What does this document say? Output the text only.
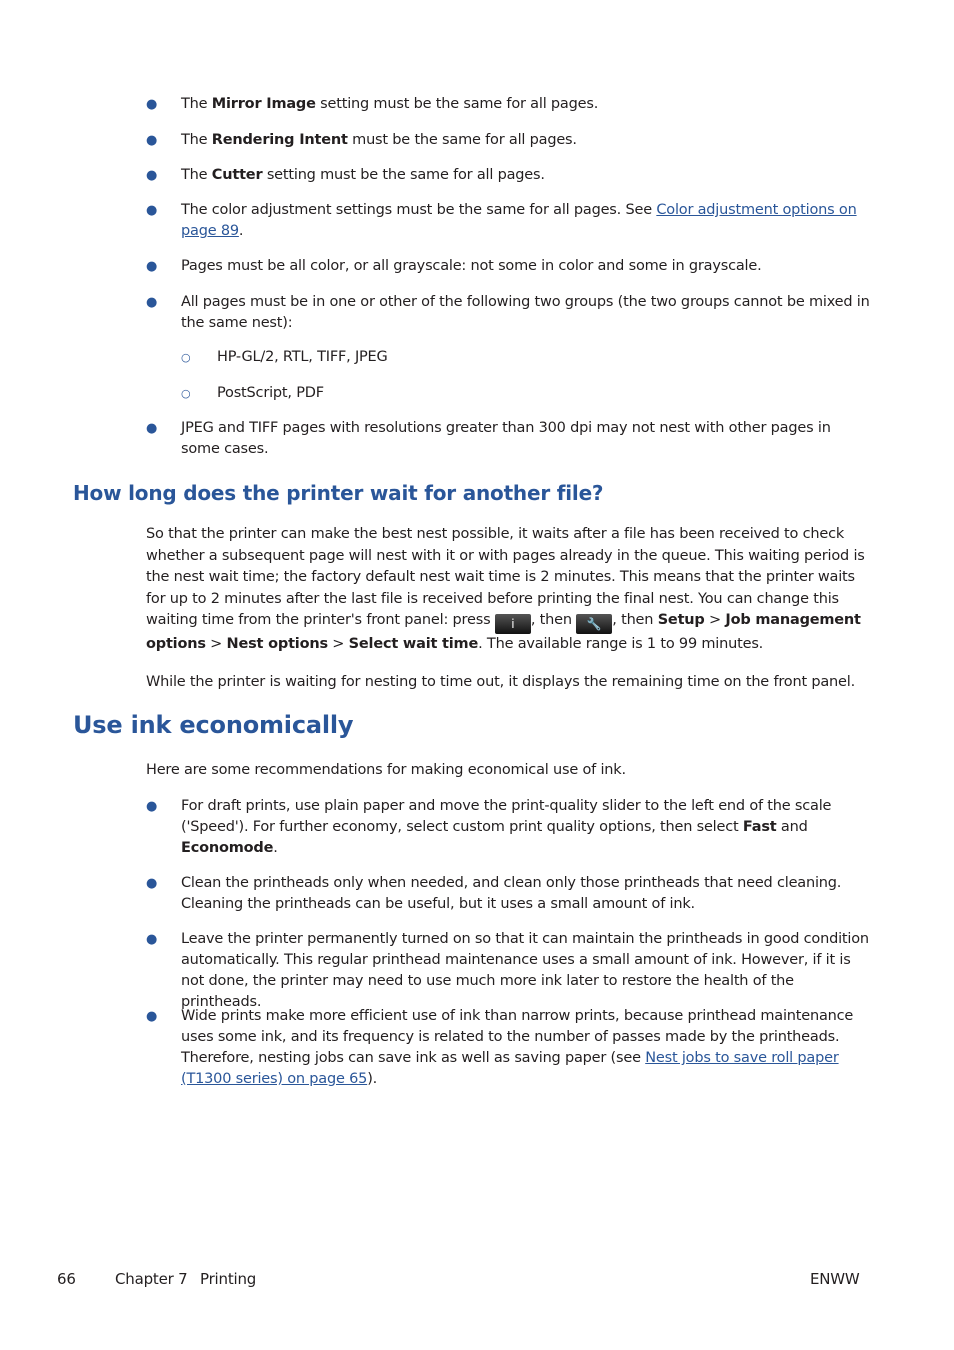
● The Mirror Image setting must be the same for all pages.
● The Rendering Intent must be the same for all pages.
● The Cutter setting must be the same for all pages.
● The color adjustment settings must be the same for all pages. See Color adjustment options on page 89.
● Pages must be all color, or all grayscale: not some in color and some in grayscale.
● All pages must be in one or other of the following two groups (the two groups cannot be mixed in the same nest):
○ HP-GL/2, RTL, TIFF, JPEG
○ PostScript, PDF
● JPEG and TIFF pages with resolutions greater than 300 dpi may not nest with other pages in some cases.
How long does the printer wait for another file?
So that the printer can make the best nest possible, it waits after a file has been received to check whether a subsequent page will nest with it or with pages already in the queue. This waiting period is the nest wait time; the factory default nest wait time is 2 minutes. This means that the printer waits for up to 2 minutes after the last file is received before printing the final nest. You can change this waiting time from the printer's front panel: press i , then 🔧 , then Setup > Job management options > Nest options > Select wait time. The available range is 1 to 99 minutes.
While the printer is waiting for nesting to time out, it displays the remaining time on the front panel.
Use ink economically
Here are some recommendations for making economical use of ink.
● For draft prints, use plain paper and move the print-quality slider to the left end of the scale ('Speed'). For further economy, select custom print quality options, then select Fast and Economode.
● Clean the printheads only when needed, and clean only those printheads that need cleaning. Cleaning the printheads can be useful, but it uses a small amount of ink.
● Leave the printer permanently turned on so that it can maintain the printheads in good condition automatically. This regular printhead maintenance uses a small amount of ink. However, if it is not done, the printer may need to use much more ink later to restore the health of the printheads.
● Wide prints make more efficient use of ink than narrow prints, because printhead maintenance uses some ink, and its frequency is related to the number of passes made by the printheads. Therefore, nesting jobs can save ink as well as saving paper (see Nest jobs to save roll paper (T1300 series) on page 65).
66	Chapter 7 Printing	ENWW
